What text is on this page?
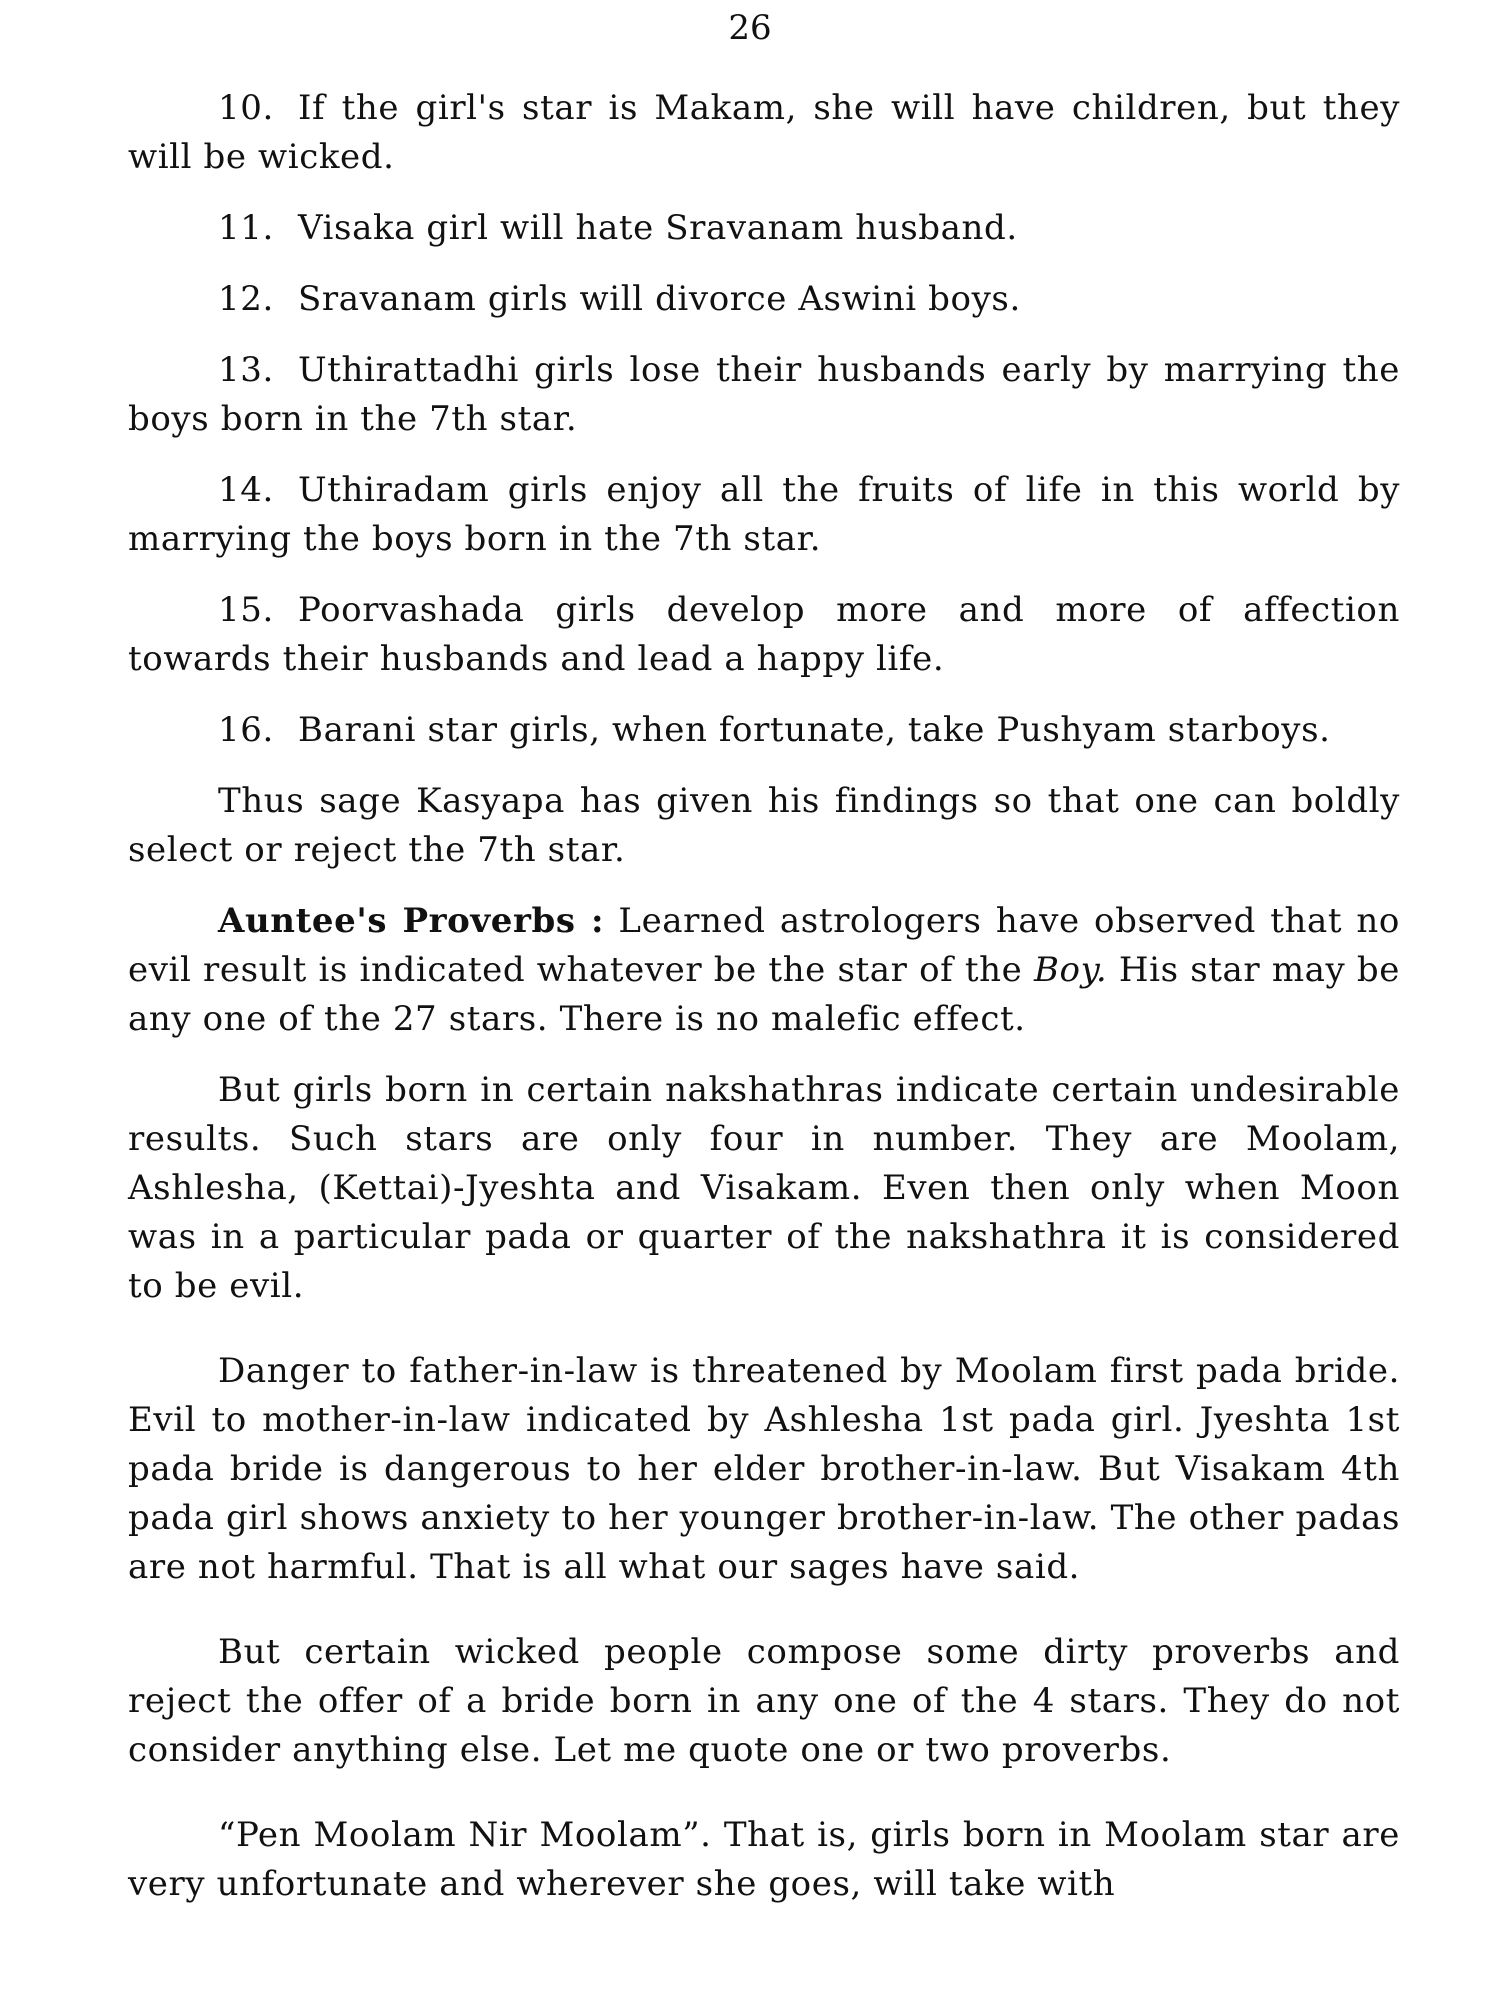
26

10. If the girl's star is Makam, she will have children, but they will be wicked.

11. Visaka girl will hate Sravanam husband.

12. Sravanam girls will divorce Aswini boys.

13. Uthirattadhi girls lose their husbands early by marrying the boys born in the 7th star.

14. Uthiradam girls enjoy all the fruits of life in this world by marrying the boys born in the 7th star.

15. Poorvashada girls develop more and more of affection towards their husbands and lead a happy life.

16. Barani star girls, when fortunate, take Pushyam starboys.

Thus sage Kasyapa has given his findings so that one can boldly select or reject the 7th star.

Auntee's Proverbs : Learned astrologers have observed that no evil result is indicated whatever be the star of the Boy. His star may be any one of the 27 stars. There is no malefic effect.

But girls born in certain nakshathras indicate certain undesirable results. Such stars are only four in number. They are Moolam, Ashlesha, (Kettai)-Jyeshta and Visakam. Even then only when Moon was in a particular pada or quarter of the nakshathra it is considered to be evil.

Danger to father-in-law is threatened by Moolam first pada bride. Evil to mother-in-law indicated by Ashlesha 1st pada girl. Jyeshta 1st pada bride is dangerous to her elder brother-in-law. But Visakam 4th pada girl shows anxiety to her younger brother-in-law. The other padas are not harmful. That is all what our sages have said.

But certain wicked people compose some dirty proverbs and reject the offer of a bride born in any one of the 4 stars. They do not consider anything else. Let me quote one or two proverbs.

“Pen Moolam Nir Moolam”. That is, girls born in Moolam star are very unfortunate and wherever she goes, will take with
